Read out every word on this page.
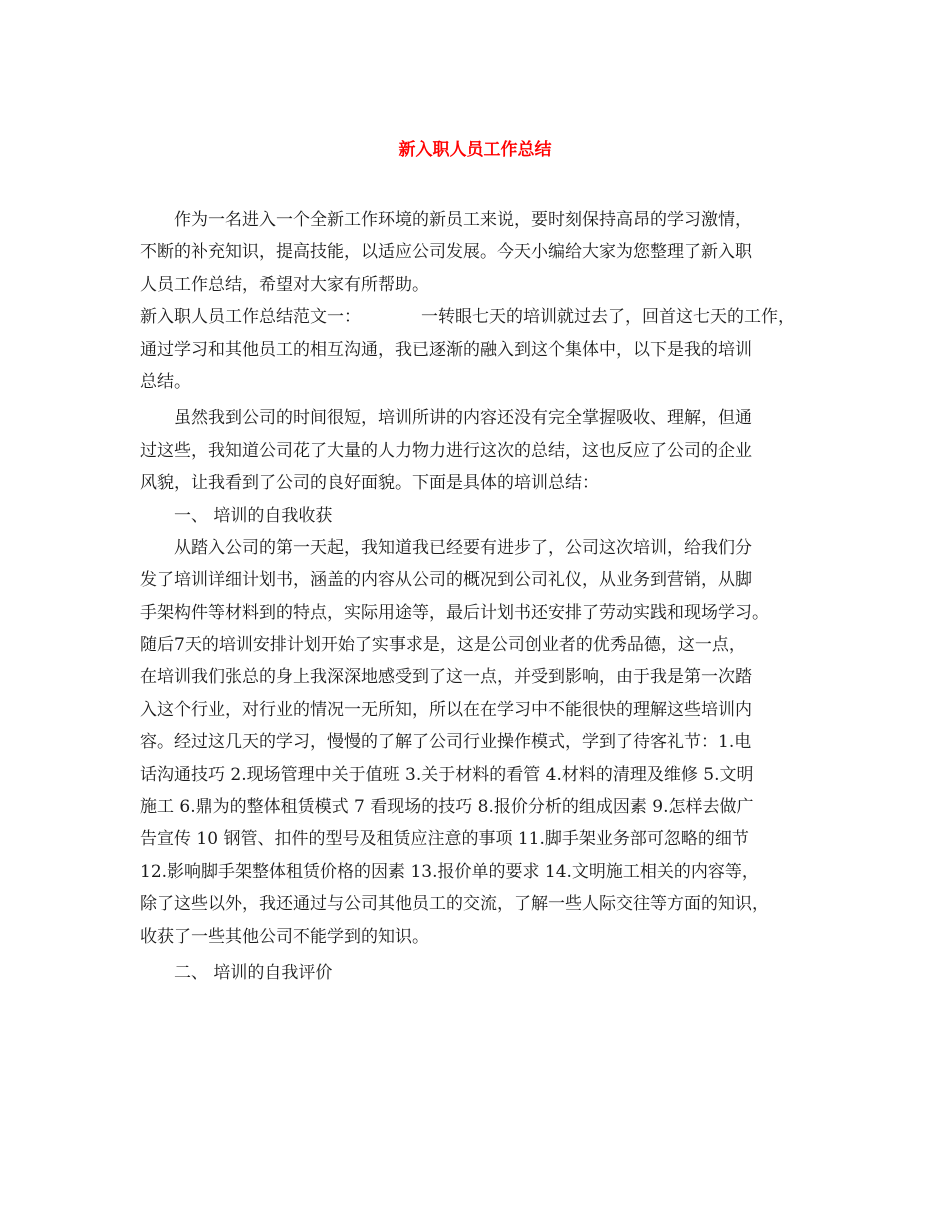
新入职人员工作总结

作为一名进入一个全新工作环境的新员工来说，要时刻保持高昂的学习激情，

不断的补充知识，提高技能，以适应公司发展。今天小编给大家为您整理了新入职

人员工作总结，希望对大家有所帮助。

新入职人员工作总结范文一：	一转眼七天的培训就过去了，回首这七天的工作，

通过学习和其他员工的相互沟通，我已逐渐的融入到这个集体中，以下是我的培训

总结。

虽然我到公司的时间很短，培训所讲的内容还没有完全掌握吸收、理解，但通

过这些，我知道公司花了大量的人力物力进行这次的总结，这也反应了公司的企业

风貌，让我看到了公司的良好面貌。下面是具体的培训总结：

一、 培训的自我收获

从踏入公司的第一天起，我知道我已经要有进步了，公司这次培训，给我们分

发了培训详细计划书，涵盖的内容从公司的概况到公司礼仪，从业务到营销，从脚

手架构件等材料到的特点，实际用途等，最后计划书还安排了劳动实践和现场学习。

随后7天的培训安排计划开始了实事求是，这是公司创业者的优秀品德，这一点，

在培训我们张总的身上我深深地感受到了这一点，并受到影响，由于我是第一次踏

入这个行业，对行业的情况一无所知，所以在在学习中不能很快的理解这些培训内

容。经过这几天的学习，慢慢的了解了公司行业操作模式，学到了待客礼节：1.电

话沟通技巧 2.现场管理中关于值班 3.关于材料的看管 4.材料的清理及维修 5.文明

施工 6.鼎为的整体租赁模式 7 看现场的技巧 8.报价分析的组成因素 9.怎样去做广

告宣传 10 钢管、扣件的型号及租赁应注意的事项 11.脚手架业务部可忽略的细节

12.影响脚手架整体租赁价格的因素 13.报价单的要求 14.文明施工相关的内容等，

除了这些以外，我还通过与公司其他员工的交流，了解一些人际交往等方面的知识，

收获了一些其他公司不能学到的知识。

二、 培训的自我评价
